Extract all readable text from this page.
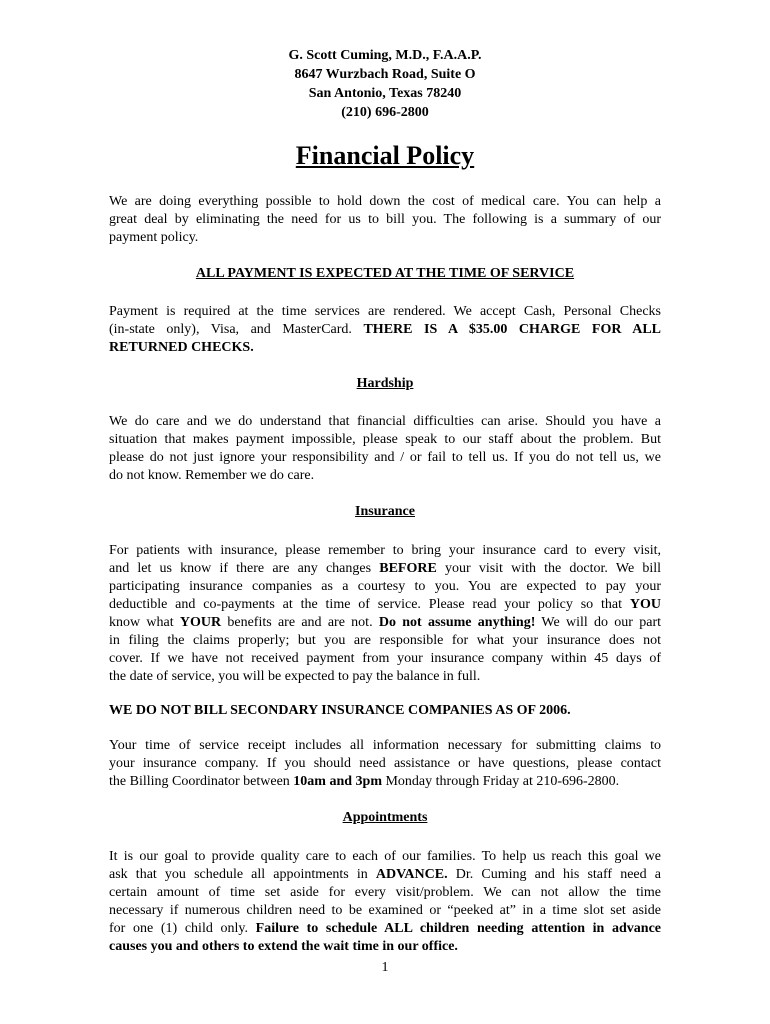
G. Scott Cuming, M.D., F.A.A.P.
8647 Wurzbach Road, Suite O
San Antonio, Texas 78240
(210) 696-2800
Financial Policy
We are doing everything possible to hold down the cost of medical care. You can help a
great deal by eliminating the need for us to bill you. The following is a summary of our
payment policy.
ALL PAYMENT IS EXPECTED AT THE TIME OF SERVICE
Payment is required at the time services are rendered. We accept Cash, Personal Checks
(in-state only), Visa, and MasterCard. THERE IS A $35.00 CHARGE FOR ALL
RETURNED CHECKS.
Hardship
We do care and we do understand that financial difficulties can arise. Should you have a
situation that makes payment impossible, please speak to our staff about the problem. But
please do not just ignore your responsibility and / or fail to tell us. If you do not tell us, we
do not know. Remember we do care.
Insurance
For patients with insurance, please remember to bring your insurance card to every visit,
and let us know if there are any changes BEFORE your visit with the doctor. We bill
participating insurance companies as a courtesy to you. You are expected to pay your
deductible and co-payments at the time of service. Please read your policy so that YOU
know what YOUR benefits are and are not. Do not assume anything! We will do our part
in filing the claims properly; but you are responsible for what your insurance does not
cover. If we have not received payment from your insurance company within 45 days of
the date of service, you will be expected to pay the balance in full.
WE DO NOT BILL SECONDARY INSURANCE COMPANIES AS OF 2006.
Your time of service receipt includes all information necessary for submitting claims to
your insurance company. If you should need assistance or have questions, please contact
the Billing Coordinator between 10am and 3pm Monday through Friday at 210-696-2800.
Appointments
It is our goal to provide quality care to each of our families. To help us reach this goal we
ask that you schedule all appointments in ADVANCE. Dr. Cuming and his staff need a
certain amount of time set aside for every visit/problem. We can not allow the time
necessary if numerous children need to be examined or “peeked at” in a time slot set aside
for one (1) child only. Failure to schedule ALL children needing attention in advance
causes you and others to extend the wait time in our office.
1
